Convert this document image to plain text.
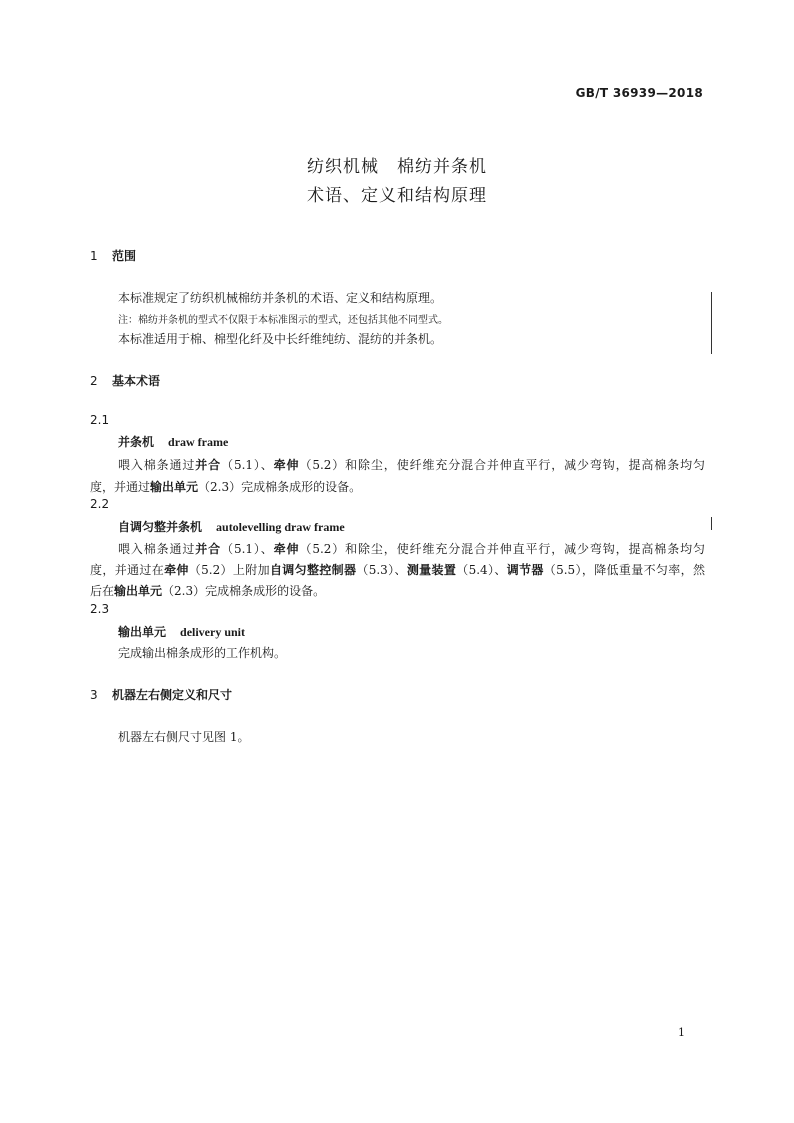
GB/T 36939—2018
纺织机械　棉纺并条机
术语、定义和结构原理
1 范围
本标准规定了纺织机械棉纺并条机的术语、定义和结构原理。
注：棉纺并条机的型式不仅限于本标准图示的型式，还包括其他不同型式。
本标准适用于棉、棉型化纤及中长纤维纯纺、混纺的并条机。
2 基本术语
2.1
并条机 draw frame
喂入棉条通过并合（5.1）、牵伸（5.2）和除尘，使纤维充分混合并伸直平行，减少弯钩，提高棉条均匀
度，并通过输出单元（2.3）完成棉条成形的设备。
2.2
自调匀整并条机 autolevelling draw frame
喂入棉条通过并合（5.1）、牵伸（5.2）和除尘，使纤维充分混合并伸直平行，减少弯钩，提高棉条均匀
度，并通过在牵伸（5.2）上附加自调匀整控制器（5.3）、测量装置（5.4）、调节器（5.5），降低重量不匀率，然
后在输出单元（2.3）完成棉条成形的设备。
2.3
输出单元 delivery unit
完成输出棉条成形的工作机构。
3 机器左右侧定义和尺寸
机器左右侧尺寸见图 1。
1
